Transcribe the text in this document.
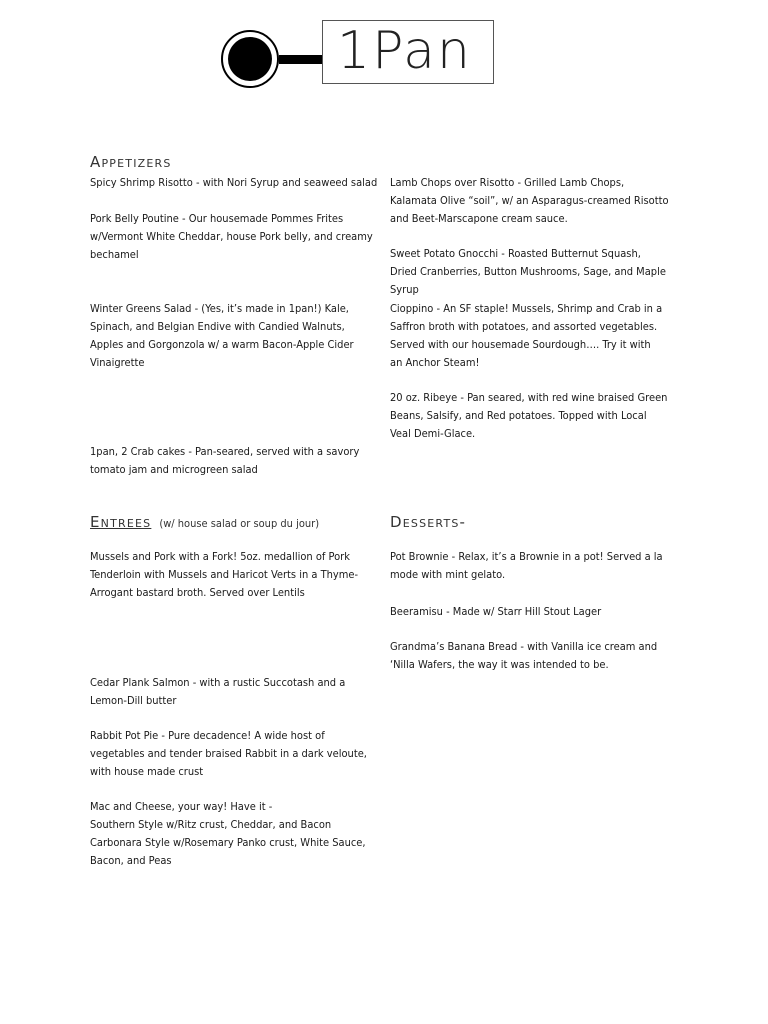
1Pan
Appetizers
Spicy Shrimp Risotto - with Nori Syrup and seaweed salad
Pork Belly Poutine - Our housemade Pommes Frites w/Vermont White Cheddar, house Pork belly, and creamy bechamel
Winter Greens Salad - (Yes, it’s made in 1pan!) Kale, Spinach, and Belgian Endive with Candied Walnuts, Apples and Gorgonzola w/ a warm Bacon-Apple Cider Vinaigrette
1pan, 2 Crab cakes - Pan-seared, served with a savory tomato jam and microgreen salad
Lamb Chops over Risotto - Grilled Lamb Chops, Kalamata Olive “soil”, w/ an Asparagus-creamed Risotto and Beet-Marscapone cream sauce.
Sweet Potato Gnocchi - Roasted Butternut Squash, Dried Cranberries, Button Mushrooms, Sage, and Maple Syrup
Cioppino - An SF staple! Mussels, Shrimp and Crab in a Saffron broth with potatoes, and assorted vegetables. Served with our housemade Sourdough…. Try it with an Anchor Steam!
20 oz. Ribeye - Pan seared, with red wine braised Green Beans, Salsify, and Red potatoes. Topped with Local Veal Demi-Glace.
Entrees (w/ house salad or soup du jour)	Desserts-
Mussels and Pork with a Fork! 5oz. medallion of Pork Tenderloin with Mussels and Haricot Verts in a Thyme-Arrogant bastard broth. Served over Lentils
Cedar Plank Salmon - with a rustic Succotash and a Lemon-Dill butter
Rabbit Pot Pie - Pure decadence! A wide host of vegetables and tender braised Rabbit in a dark veloute, with house made crust
Mac and Cheese, your way! Have it -
Southern Style w/Ritz crust, Cheddar, and Bacon
Carbonara Style w/Rosemary Panko crust, White Sauce, Bacon, and Peas
Pot Brownie - Relax, it’s a Brownie in a pot! Served a la mode with mint gelato.
Beeramisu - Made w/ Starr Hill Stout Lager
Grandma’s Banana Bread - with Vanilla ice cream and ‘Nilla Wafers, the way it was intended to be.
